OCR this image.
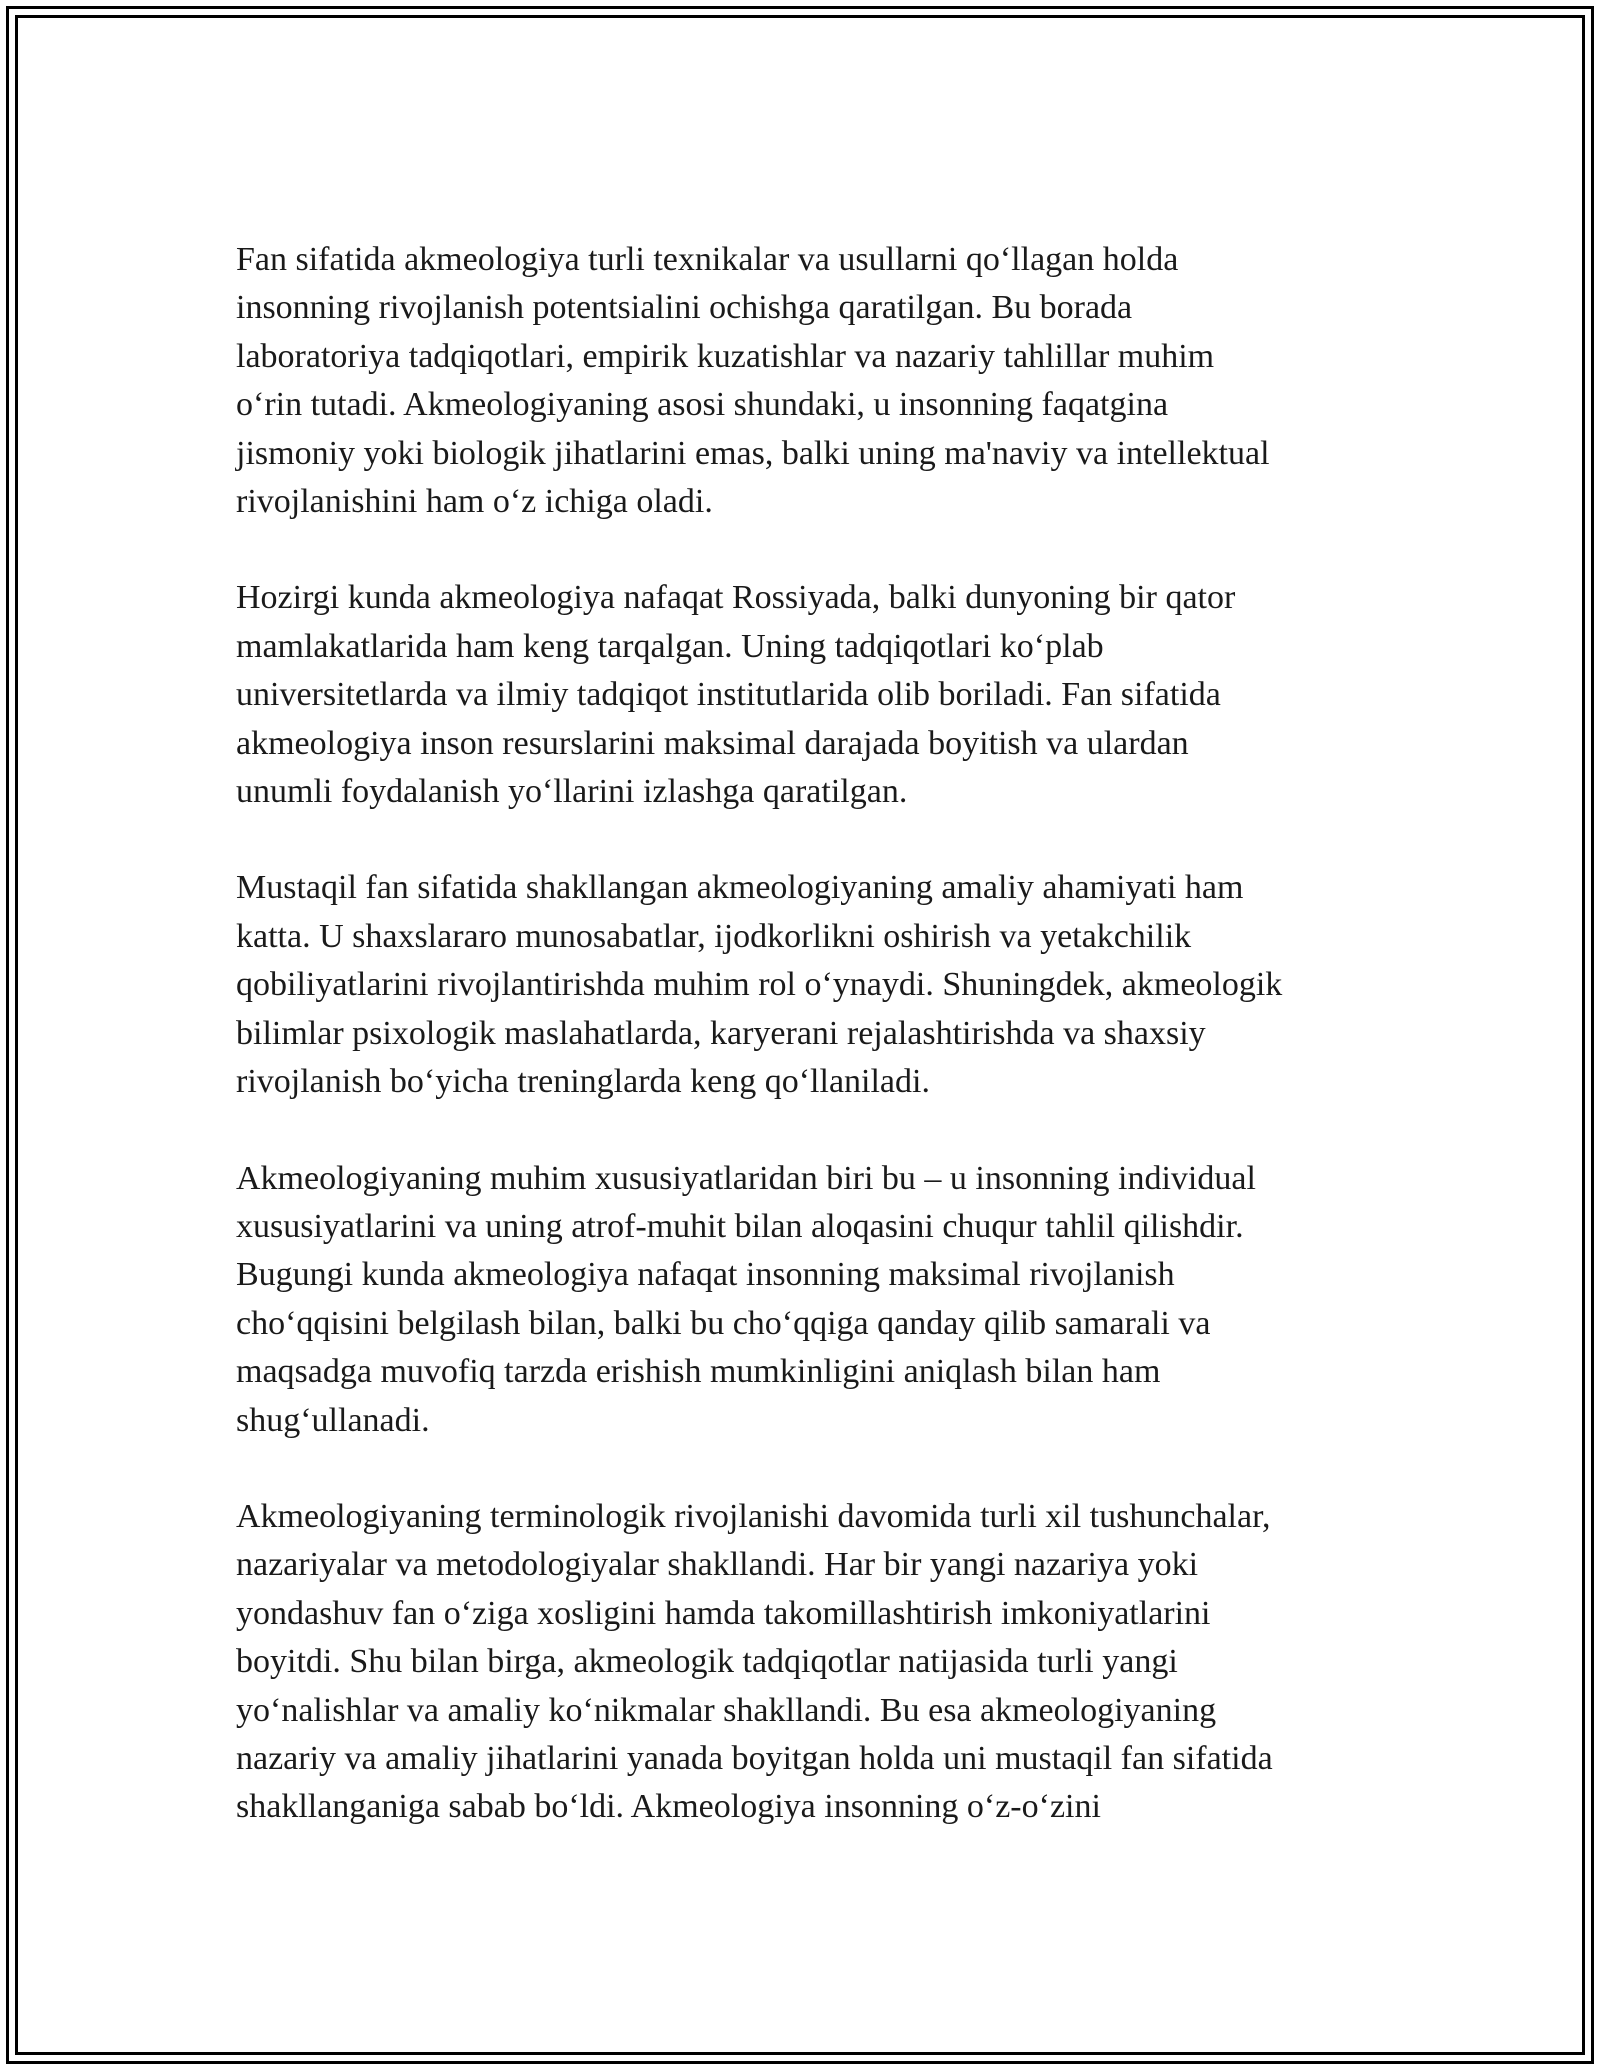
Fan sifatida akmeologiya turli texnikalar va usullarni qo‘llagan holda
insonning rivojlanish potentsialini ochishga qaratilgan. Bu borada
laboratoriya tadqiqotlari, empirik kuzatishlar va nazariy tahlillar muhim
o‘rin tutadi. Akmeologiyaning asosi shundaki, u insonning faqatgina
jismoniy yoki biologik jihatlarini emas, balki uning ma'naviy va intellektual
rivojlanishini ham o‘z ichiga oladi.

Hozirgi kunda akmeologiya nafaqat Rossiyada, balki dunyoning bir qator
mamlakatlarida ham keng tarqalgan. Uning tadqiqotlari ko‘plab
universitetlarda va ilmiy tadqiqot institutlarida olib boriladi. Fan sifatida
akmeologiya inson resurslarini maksimal darajada boyitish va ulardan
unumli foydalanish yo‘llarini izlashga qaratilgan.

Mustaqil fan sifatida shakllangan akmeologiyaning amaliy ahamiyati ham
katta. U shaxslararo munosabatlar, ijodkorlikni oshirish va yetakchilik
qobiliyatlarini rivojlantirishda muhim rol o‘ynaydi. Shuningdek, akmeologik
bilimlar psixologik maslahatlarda, karyerani rejalashtirishda va shaxsiy
rivojlanish bo‘yicha treninglarda keng qo‘llaniladi.

Akmeologiyaning muhim xususiyatlaridan biri bu – u insonning individual
xususiyatlarini va uning atrof-muhit bilan aloqasini chuqur tahlil qilishdir.
Bugungi kunda akmeologiya nafaqat insonning maksimal rivojlanish
cho‘qqisini belgilash bilan, balki bu cho‘qqiga qanday qilib samarali va
maqsadga muvofiq tarzda erishish mumkinligini aniqlash bilan ham
shug‘ullanadi.

Akmeologiyaning terminologik rivojlanishi davomida turli xil tushunchalar,
nazariyalar va metodologiyalar shakllandi. Har bir yangi nazariya yoki
yondashuv fan o‘ziga xosligini hamda takomillashtirish imkoniyatlarini
boyitdi. Shu bilan birga, akmeologik tadqiqotlar natijasida turli yangi
yo‘nalishlar va amaliy ko‘nikmalar shakllandi. Bu esa akmeologiyaning
nazariy va amaliy jihatlarini yanada boyitgan holda uni mustaqil fan sifatida
shakllanganiga sabab bo‘ldi. Akmeologiya insonning o‘z-o‘zini
